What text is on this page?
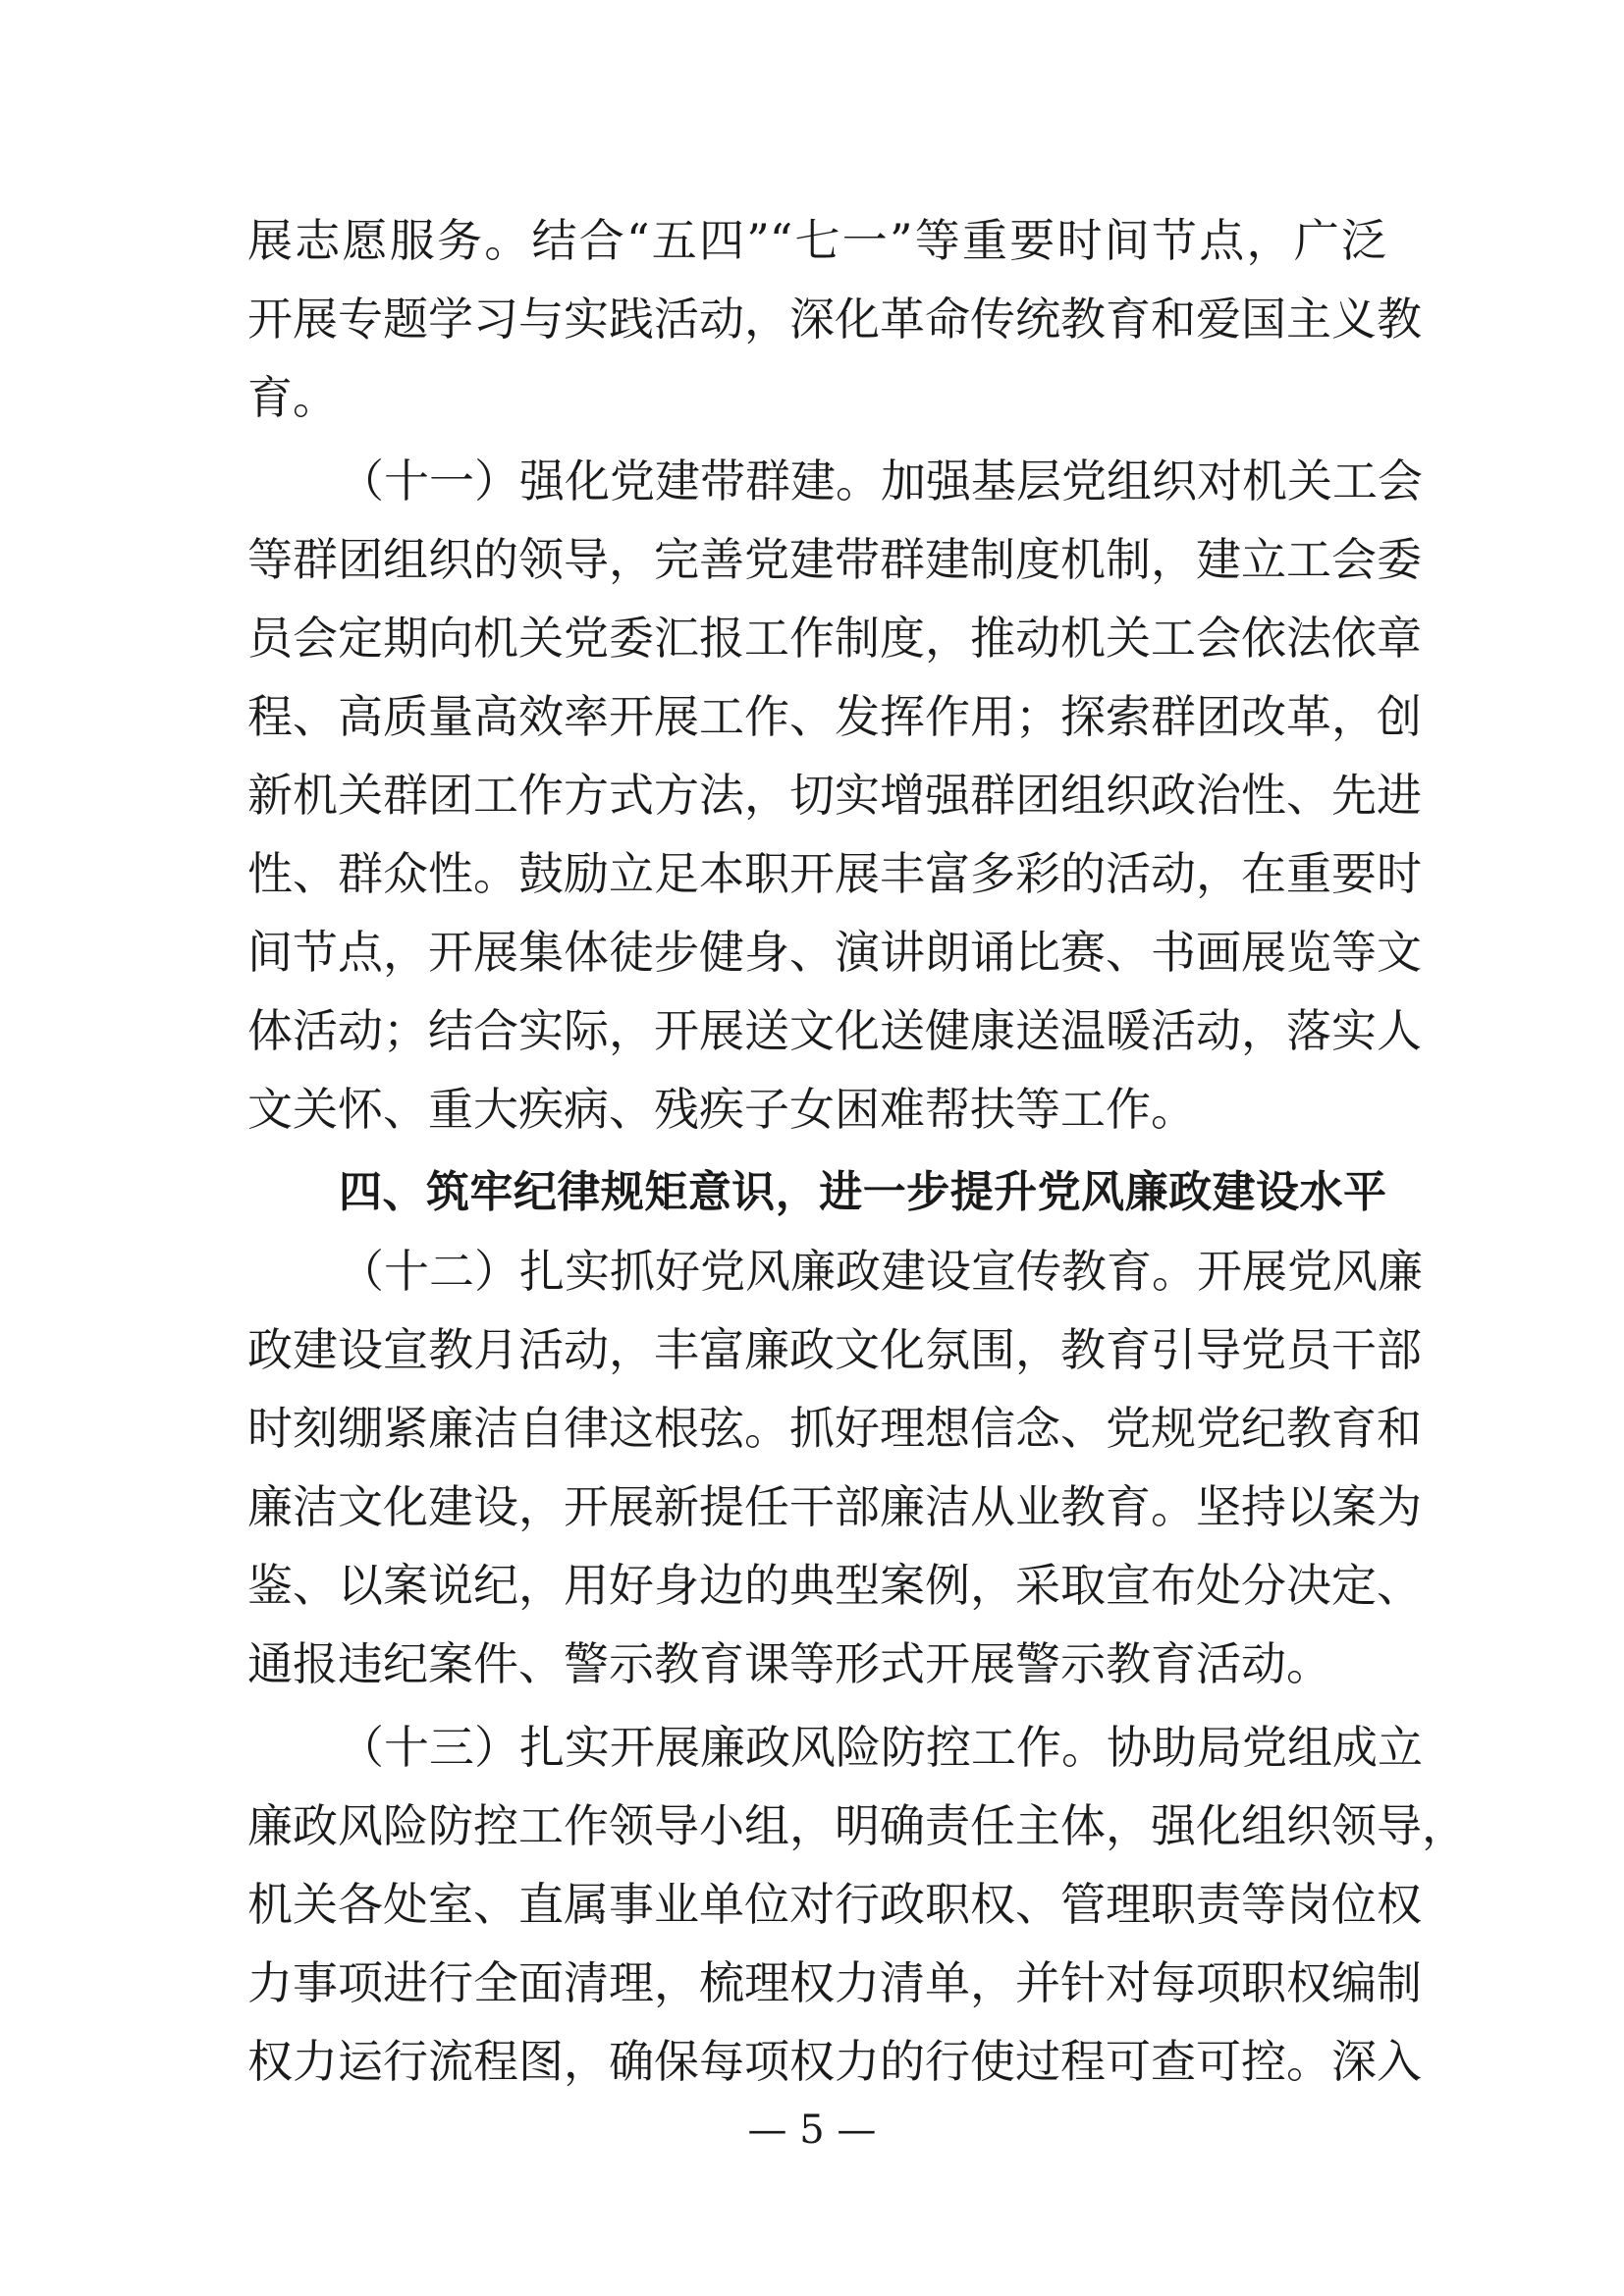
展志愿服务。结合“五四”“七一”等重要时间节点，广泛
开展专题学习与实践活动，深化革命传统教育和爱国主义教
育。
（十一）强化党建带群建。加强基层党组织对机关工会
等群团组织的领导，完善党建带群建制度机制，建立工会委
员会定期向机关党委汇报工作制度，推动机关工会依法依章
程、高质量高效率开展工作、发挥作用；探索群团改革，创
新机关群团工作方式方法，切实增强群团组织政治性、先进
性、群众性。鼓励立足本职开展丰富多彩的活动，在重要时
间节点，开展集体徒步健身、演讲朗诵比赛、书画展览等文
体活动；结合实际，开展送文化送健康送温暖活动，落实人
文关怀、重大疾病、残疾子女困难帮扶等工作。
四、筑牢纪律规矩意识，进一步提升党风廉政建设水平
（十二）扎实抓好党风廉政建设宣传教育。开展党风廉
政建设宣教月活动，丰富廉政文化氛围，教育引导党员干部
时刻绷紧廉洁自律这根弦。抓好理想信念、党规党纪教育和
廉洁文化建设，开展新提任干部廉洁从业教育。坚持以案为
鉴、以案说纪，用好身边的典型案例，采取宣布处分决定、
通报违纪案件、警示教育课等形式开展警示教育活动。
（十三）扎实开展廉政风险防控工作。协助局党组成立
廉政风险防控工作领导小组，明确责任主体，强化组织领导，
机关各处室、直属事业单位对行政职权、管理职责等岗位权
力事项进行全面清理，梳理权力清单，并针对每项职权编制
权力运行流程图，确保每项权力的行使过程可查可控。深入
— 5 —
